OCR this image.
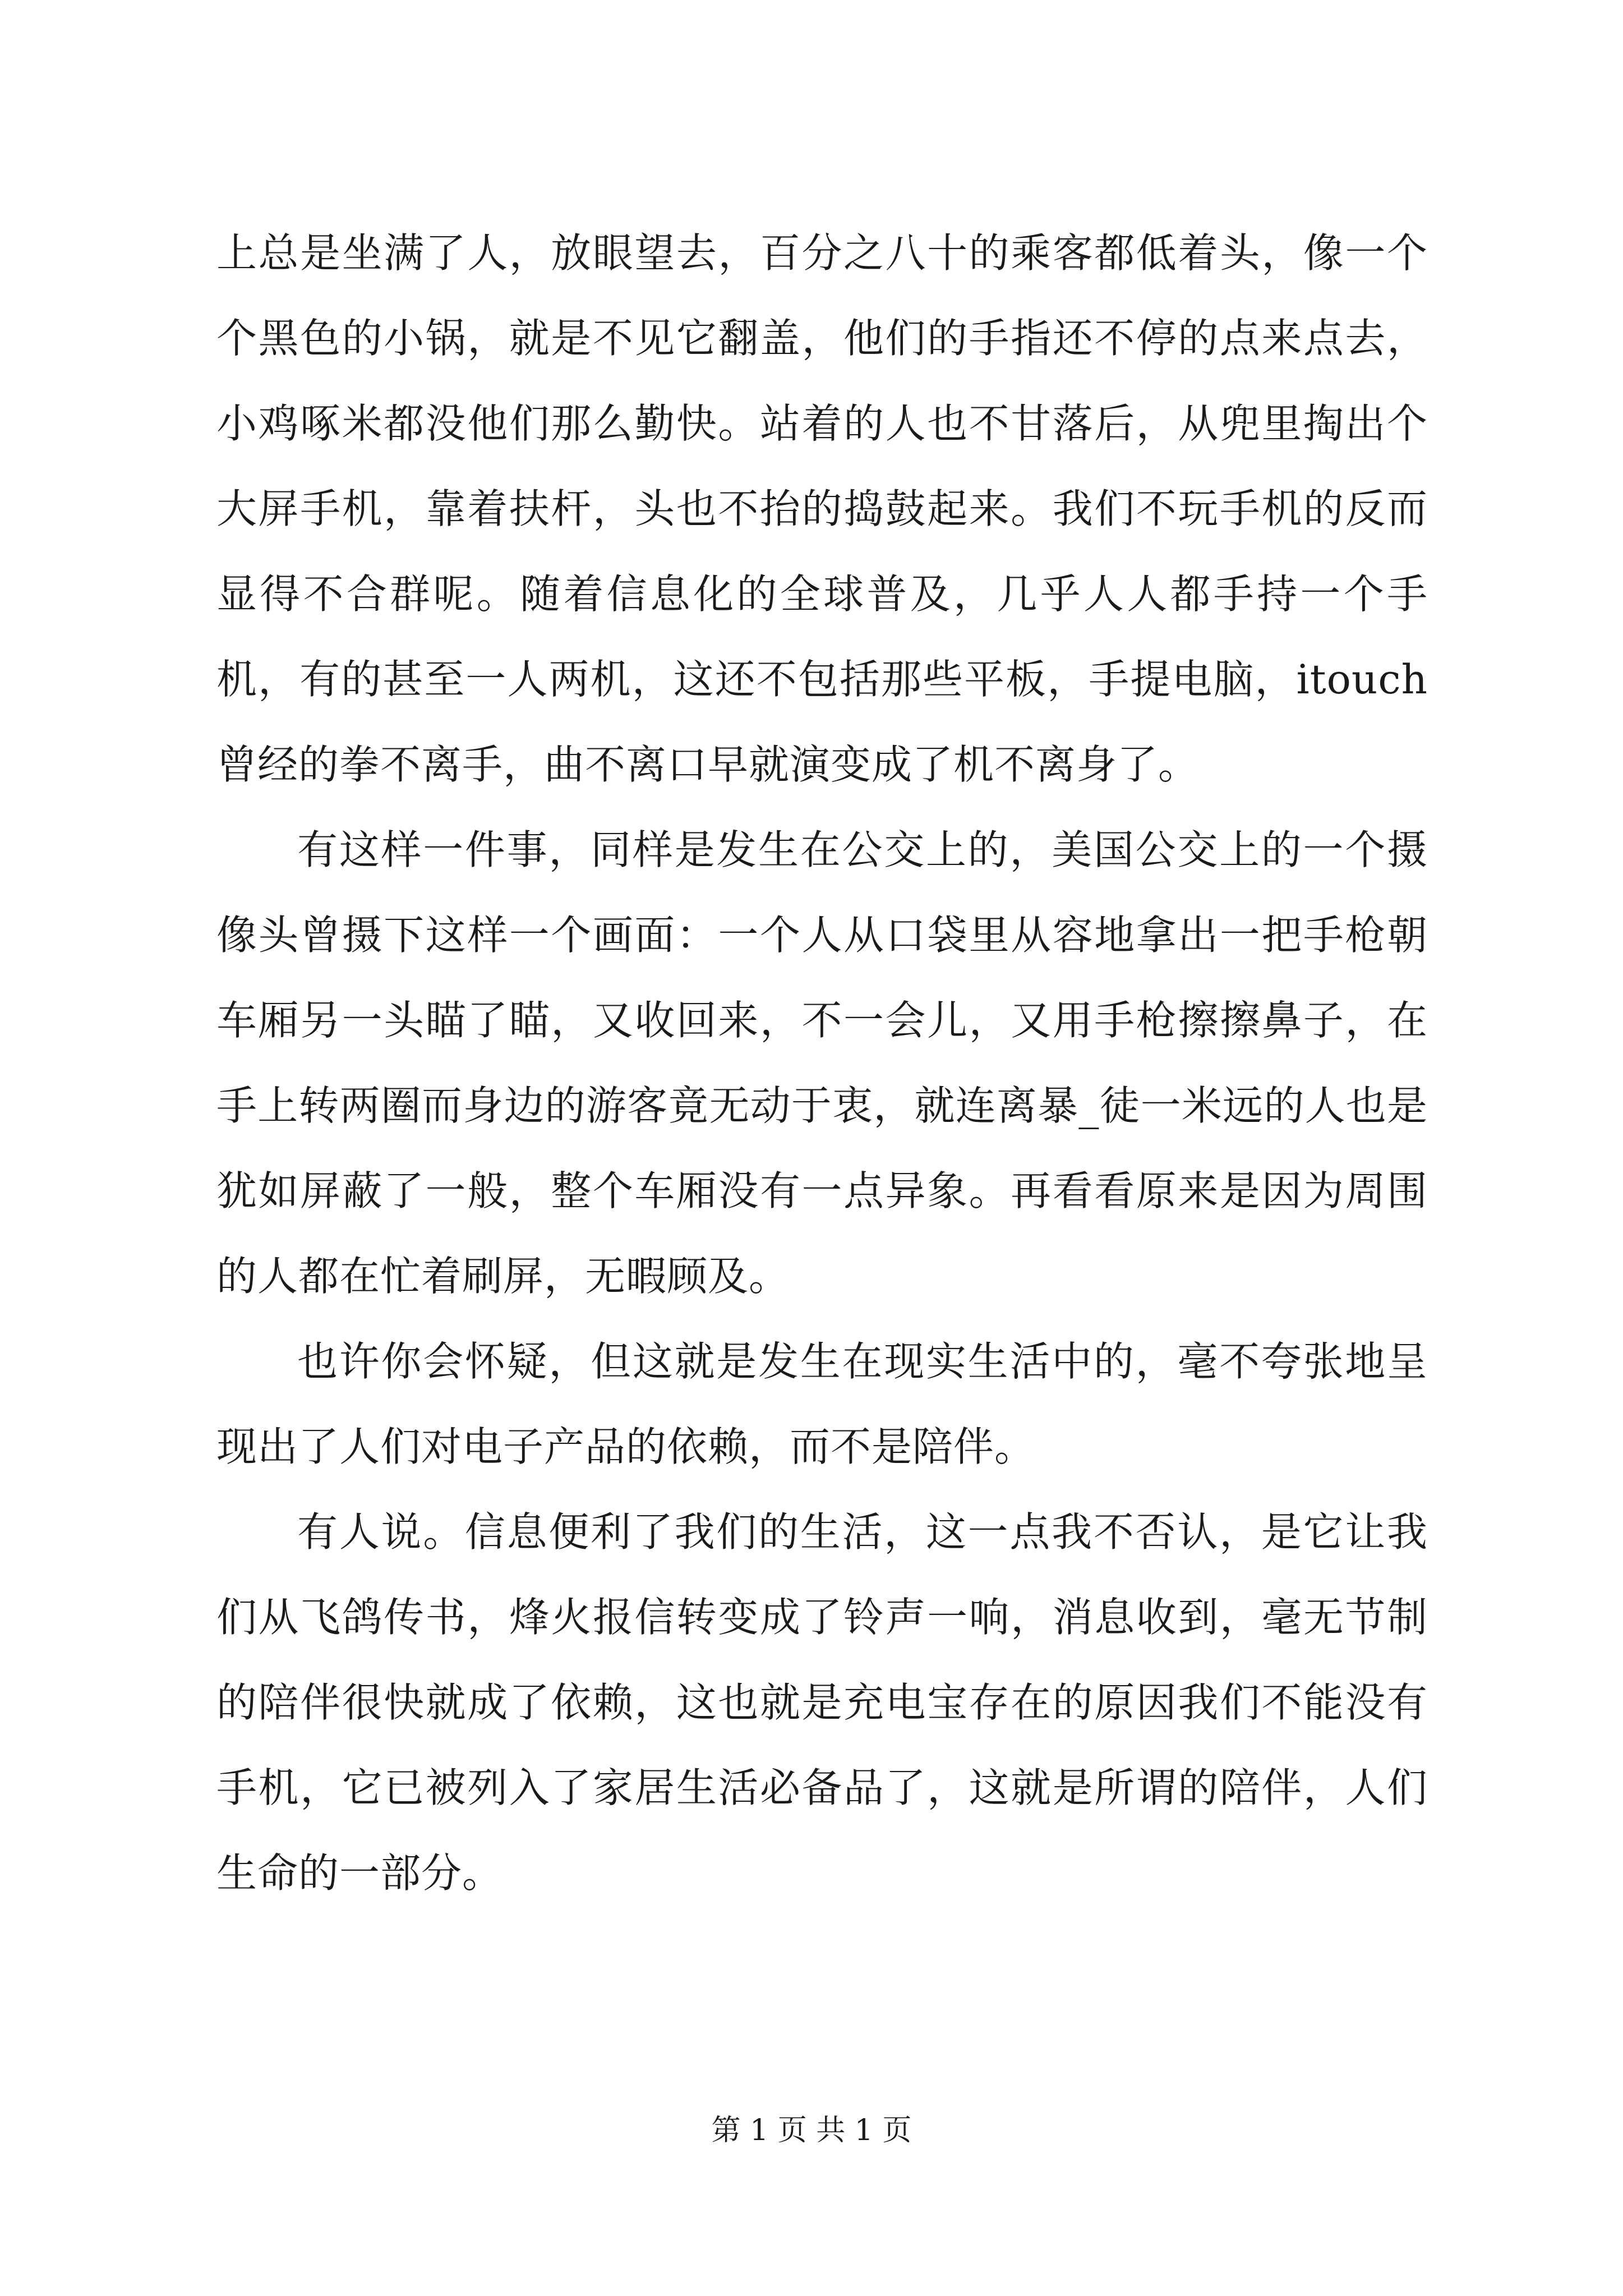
上总是坐满了人，放眼望去，百分之八十的乘客都低着头，像一个个黑色的小锅，就是不见它翻盖，他们的手指还不停的点来点去，小鸡啄米都没他们那么勤快。站着的人也不甘落后，从兜里掏出个大屏手机，靠着扶杆，头也不抬的捣鼓起来。我们不玩手机的反而显得不合群呢。随着信息化的全球普及，几乎人人都手持一个手机，有的甚至一人两机，这还不包括那些平板，手提电脑，itouch 曾经的拳不离手，曲不离口早就演变成了机不离身了。

有这样一件事，同样是发生在公交上的，美国公交上的一个摄像头曾摄下这样一个画面：一个人从口袋里从容地拿出一把手枪朝车厢另一头瞄了瞄，又收回来，不一会儿，又用手枪擦擦鼻子，在手上转两圈而身边的游客竟无动于衷，就连离暴_徒一米远的人也是犹如屏蔽了一般，整个车厢没有一点异象。再看看原来是因为周围的人都在忙着刷屏，无暇顾及。

也许你会怀疑，但这就是发生在现实生活中的，毫不夸张地呈现出了人们对电子产品的依赖，而不是陪伴。

有人说。信息便利了我们的生活，这一点我不否认，是它让我们从飞鸽传书，烽火报信转变成了铃声一响，消息收到，毫无节制的陪伴很快就成了依赖，这也就是充电宝存在的原因我们不能没有手机，它已被列入了家居生活必备品了，这就是所谓的陪伴，人们生命的一部分。

第 1 页 共 1 页
